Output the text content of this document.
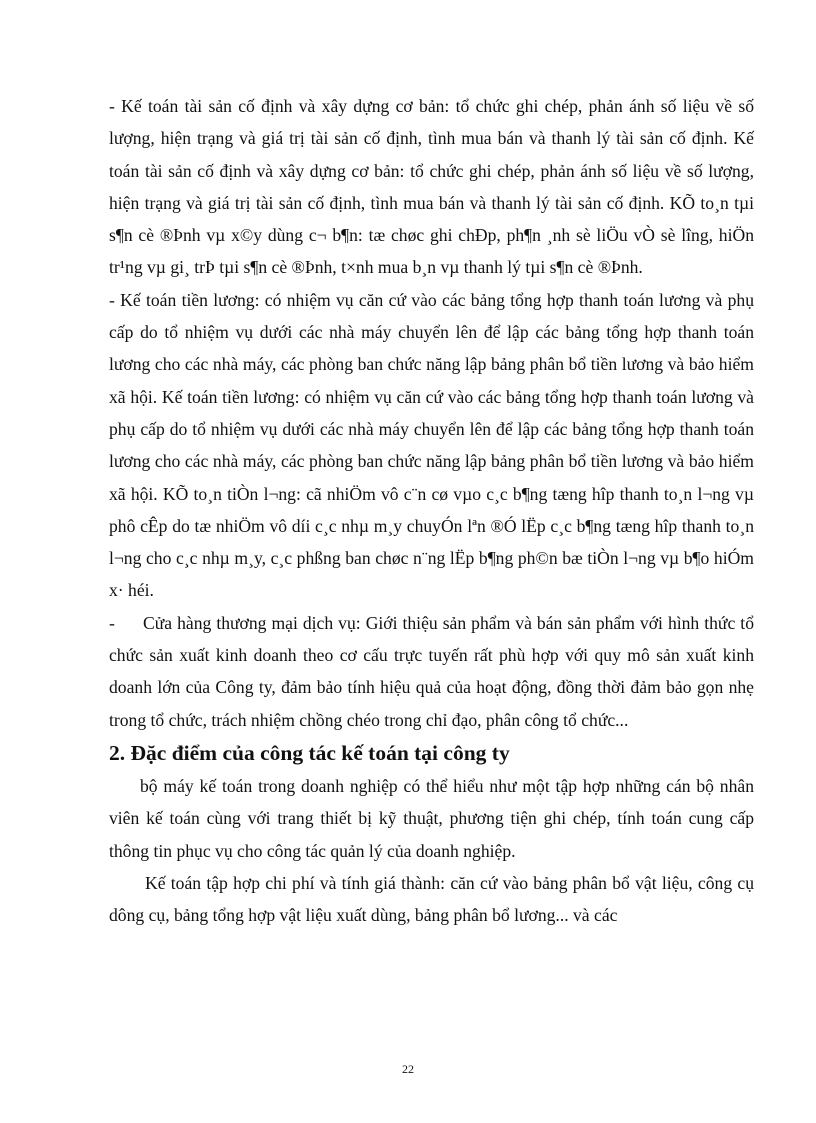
- Kế toán tài sản cố định và xây dựng cơ bản: tổ chức ghi chép, phản ánh số liệu về số lượng, hiện trạng và giá trị tài sản cố định, tình mua bán và thanh lý tài sản cố định. Kế toán tài sản cố định và xây dựng cơ bản: tổ chức ghi chép, phản ánh số liệu về số lượng, hiện trạng và giá trị tài sản cố định, tình mua bán và thanh lý tài sản cố định. KÕ to¸n tµi s¶n cè ®Þnh vµ x©y dùng c¬ b¶n: tæ chøc ghi chÐp, ph¶n ¸nh sè liÖu vÒ sè lîng, hiÖn tr¹ng vµ gi¸ trÞ tµi s¶n cè ®Þnh, t×nh mua b¸n vµ thanh lý tµi s¶n cè ®Þnh.

- Kế toán tiền lương: có nhiệm vụ căn cứ vào các bảng tổng hợp thanh toán lương và phụ cấp do tổ nhiệm vụ dưới các nhà máy chuyển lên để lập các bảng tổng hợp thanh toán lương cho các nhà máy, các phòng ban chức năng lập bảng phân bổ tiền lương và bảo hiểm xã hội. Kế toán tiền lương: có nhiệm vụ căn cứ vào các bảng tổng hợp thanh toán lương và phụ cấp do tổ nhiệm vụ dưới các nhà máy chuyển lên để lập các bảng tổng hợp thanh toán lương cho các nhà máy, các phòng ban chức năng lập bảng phân bổ tiền lương và bảo hiểm xã hội. KÕ to¸n tiÒn l¬ng: cã nhiÖm vô c¨n cø vµo c¸c b¶ng tæng hîp thanh to¸n l¬ng vµ phô cÊp do tæ nhiÖm vô díi c¸c nhµ m¸y chuyÓn lªn ®Ó lËp c¸c b¶ng tæng hîp thanh to¸n l¬ng cho c¸c nhµ m¸y, c¸c phßng ban chøc n¨ng lËp b¶ng ph©n bæ tiÒn l¬ng vµ b¶o hiÓm x· héi.

- Cửa hàng thương mại dịch vụ: Giới thiệu sản phẩm và bán sản phẩm với hình thức tổ chức sản xuất kinh doanh theo cơ cấu trực tuyến rất phù hợp với quy mô sản xuất kinh doanh lớn của Công ty, đảm bảo tính hiệu quả của hoạt động, đồng thời đảm bảo gọn nhẹ trong tổ chức, trách nhiệm chồng chéo trong chỉ đạo, phân công tổ chức...

2. Đặc điểm của công tác kế toán tại công ty

bộ máy kế toán trong doanh nghiệp có thể hiểu như một tập hợp những cán bộ nhân viên kế toán cùng với trang thiết bị kỹ thuật, phương tiện ghi chép, tính toán cung cấp thông tin phục vụ cho công tác quản lý của doanh nghiệp.

Kế toán tập hợp chi phí và tính giá thành: căn cứ vào bảng phân bổ vật liệu, công cụ dông cụ, bảng tổng hợp vật liệu xuất dùng, bảng phân bổ lương... và các

22
